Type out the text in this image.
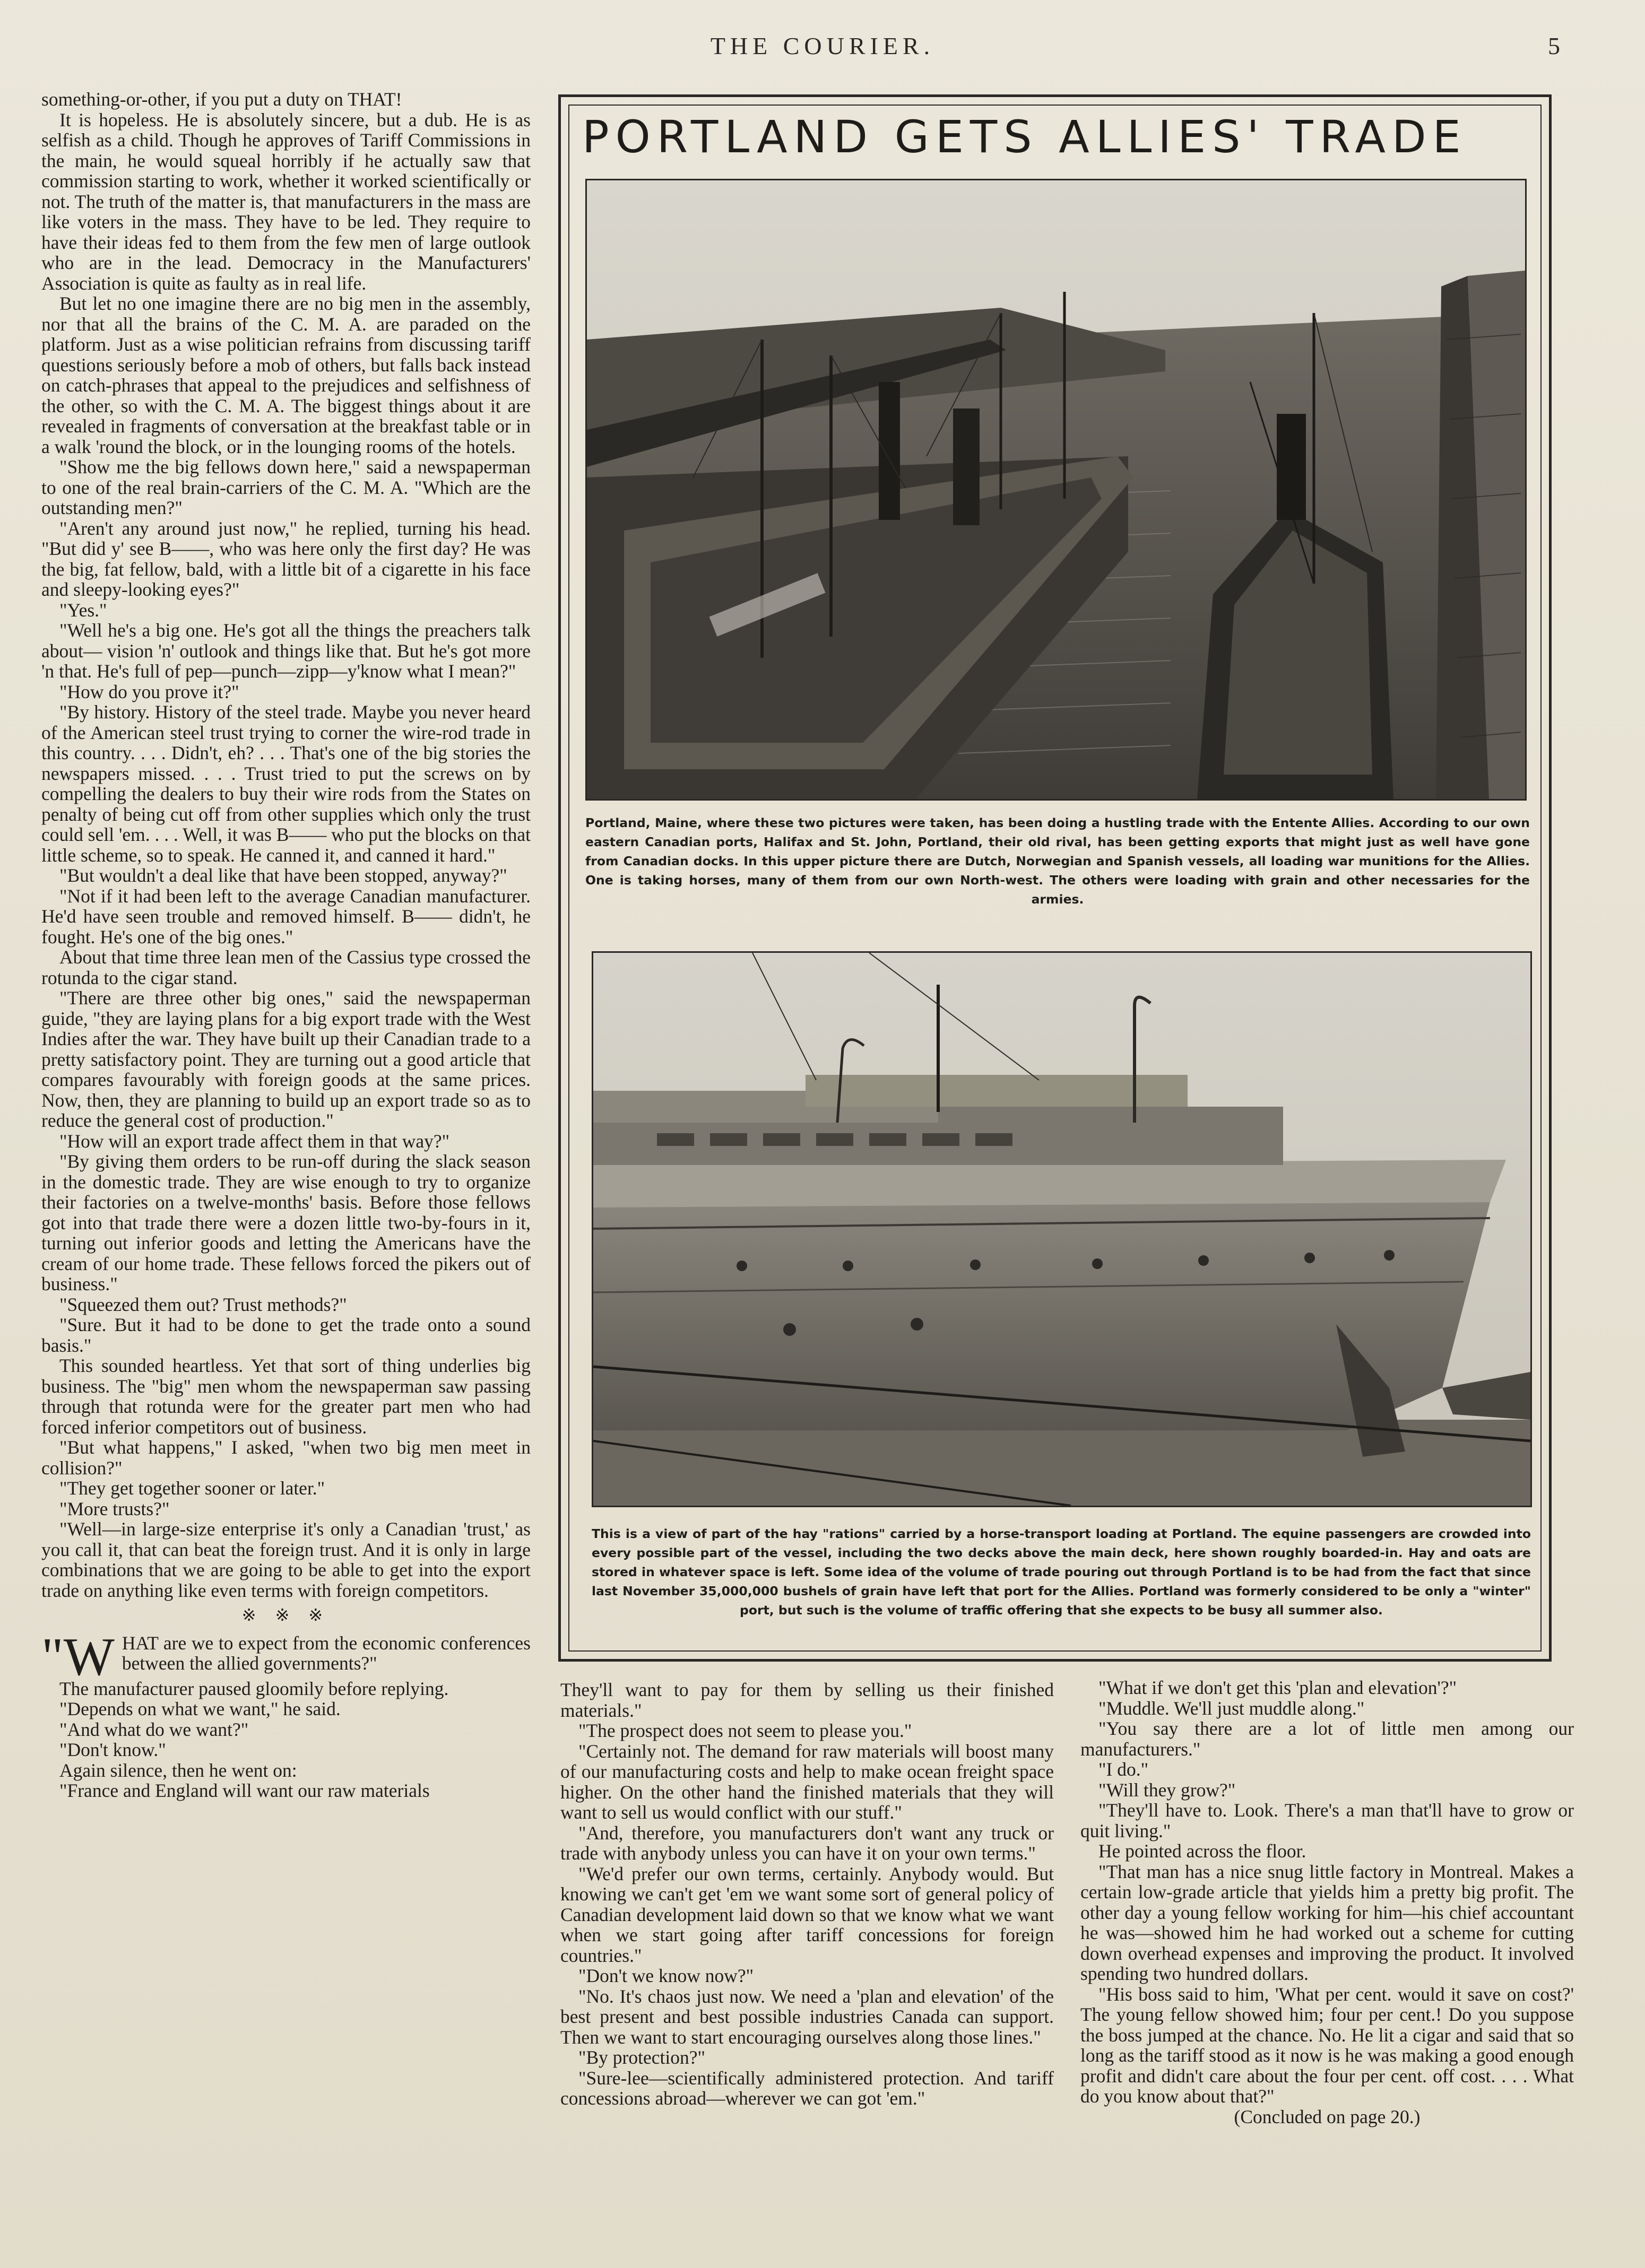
THE COURIER.	5

something-or-other, if you put a duty on THAT!

It is hopeless. He is absolutely sincere, but a dub. He is as selfish as a child. Though he approves of Tariff Commissions in the main, he would squeal horribly if he actually saw that commission starting to work, whether it worked scientifically or not. The truth of the matter is, that manufacturers in the mass are like voters in the mass. They have to be led. They require to have their ideas fed to them from the few men of large outlook who are in the lead. Democracy in the Manufacturers' Association is quite as faulty as in real life.

But let no one imagine there are no big men in the assembly, nor that all the brains of the C. M. A. are paraded on the platform. Just as a wise politician refrains from discussing tariff questions seriously before a mob of others, but falls back instead on catch-phrases that appeal to the prejudices and selfishness of the other, so with the C. M. A. The biggest things about it are revealed in fragments of conversation at the breakfast table or in a walk 'round the block, or in the lounging rooms of the hotels.

"Show me the big fellows down here," said a newspaperman to one of the real brain-carriers of the C. M. A. "Which are the outstanding men?"

"Aren't any around just now," he replied, turning his head. "But did y' see B——, who was here only the first day? He was the big, fat fellow, bald, with a little bit of a cigarette in his face and sleepy-looking eyes?"

"Yes."

"Well he's a big one. He's got all the things the preachers talk about— vision 'n' outlook and things like that. But he's got more 'n that. He's full of pep—punch—zipp—y'know what I mean?"

"How do you prove it?"

"By history. History of the steel trade. Maybe you never heard of the American steel trust trying to corner the wire-rod trade in this country. . . . Didn't, eh? . . . That's one of the big stories the newspapers missed. . . . Trust tried to put the screws on by compelling the dealers to buy their wire rods from the States on penalty of being cut off from other supplies which only the trust could sell 'em. . . . Well, it was B—— who put the blocks on that little scheme, so to speak. He canned it, and canned it hard."

"But wouldn't a deal like that have been stopped, anyway?"

"Not if it had been left to the average Canadian manufacturer. He'd have seen trouble and removed himself. B—— didn't, he fought. He's one of the big ones."

About that time three lean men of the Cassius type crossed the rotunda to the cigar stand.

"There are three other big ones," said the newspaperman guide, "they are laying plans for a big export trade with the West Indies after the war. They have built up their Canadian trade to a pretty satisfactory point. They are turning out a good article that compares favourably with foreign goods at the same prices. Now, then, they are planning to build up an export trade so as to reduce the general cost of production."

"How will an export trade affect them in that way?"

"By giving them orders to be run-off during the slack season in the domestic trade. They are wise enough to try to organize their factories on a twelve-months' basis. Before those fellows got into that trade there were a dozen little two-by-fours in it, turning out inferior goods and letting the Americans have the cream of our home trade. These fellows forced the pikers out of business."

"Squeezed them out? Trust methods?"

"Sure. But it had to be done to get the trade onto a sound basis."

This sounded heartless. Yet that sort of thing underlies big business. The "big" men whom the newspaperman saw passing through that rotunda were for the greater part men who had forced inferior competitors out of business.

"But what happens," I asked, "when two big men meet in collision?"

"They get together sooner or later."

"More trusts?"

"Well—in large-size enterprise it's only a Canadian 'trust,' as you call it, that can beat the foreign trust. And it is only in large combinations that we are going to be able to get into the export trade on anything like even terms with foreign competitors.

※ ※ ※

"WHAT are we to expect from the economic conferences between the allied governments?"

The manufacturer paused gloomily before replying.

"Depends on what we want," he said.

"And what do we want?"

"Don't know."

Again silence, then he went on:

"France and England will want our raw materials

PORTLAND GETS ALLIES' TRADE
Portland, Maine, where these two pictures were taken, has been doing a hustling trade with the Entente Allies. According to our own eastern Canadian ports, Halifax and St. John, Portland, their old rival, has been getting exports that might just as well have gone from Canadian docks. In this upper picture there are Dutch, Norwegian and Spanish vessels, all loading war munitions for the Allies. One is taking horses, many of them from our own North-west. The others were loading with grain and other necessaries for the armies.
This is a view of part of the hay "rations" carried by a horse-transport loading at Portland. The equine passengers are crowded into every possible part of the vessel, including the two decks above the main deck, here shown roughly boarded-in. Hay and oats are stored in whatever space is left. Some idea of the volume of trade pouring out through Portland is to be had from the fact that since last November 35,000,000 bushels of grain have left that port for the Allies. Portland was formerly considered to be only a "winter" port, but such is the volume of traffic offering that she expects to be busy all summer also.

They'll want to pay for them by selling us their finished materials."

"The prospect does not seem to please you."

"Certainly not. The demand for raw materials will boost many of our manufacturing costs and help to make ocean freight space higher. On the other hand the finished materials that they will want to sell us would conflict with our stuff."

"And, therefore, you manufacturers don't want any truck or trade with anybody unless you can have it on your own terms."

"We'd prefer our own terms, certainly. Anybody would. But knowing we can't get 'em we want some sort of general policy of Canadian development laid down so that we know what we want when we start going after tariff concessions for foreign countries."

"Don't we know now?"

"No. It's chaos just now. We need a 'plan and elevation' of the best present and best possible industries Canada can support. Then we want to start encouraging ourselves along those lines."

"By protection?"

"Sure-lee—scientifically administered protection. And tariff concessions abroad—wherever we can got 'em."

"What if we don't get this 'plan and elevation'?"

"Muddle. We'll just muddle along."

"You say there are a lot of little men among our manufacturers."

"I do."

"Will they grow?"

"They'll have to. Look. There's a man that'll have to grow or quit living."

He pointed across the floor.

"That man has a nice snug little factory in Montreal. Makes a certain low-grade article that yields him a pretty big profit. The other day a young fellow working for him—his chief accountant he was—showed him he had worked out a scheme for cutting down overhead expenses and improving the product. It involved spending two hundred dollars.

"His boss said to him, 'What per cent. would it save on cost?' The young fellow showed him; four per cent.! Do you suppose the boss jumped at the chance. No. He lit a cigar and said that so long as the tariff stood as it now is he was making a good enough profit and didn't care about the four per cent. off cost. . . . What do you know about that?"

(Concluded on page 20.)
